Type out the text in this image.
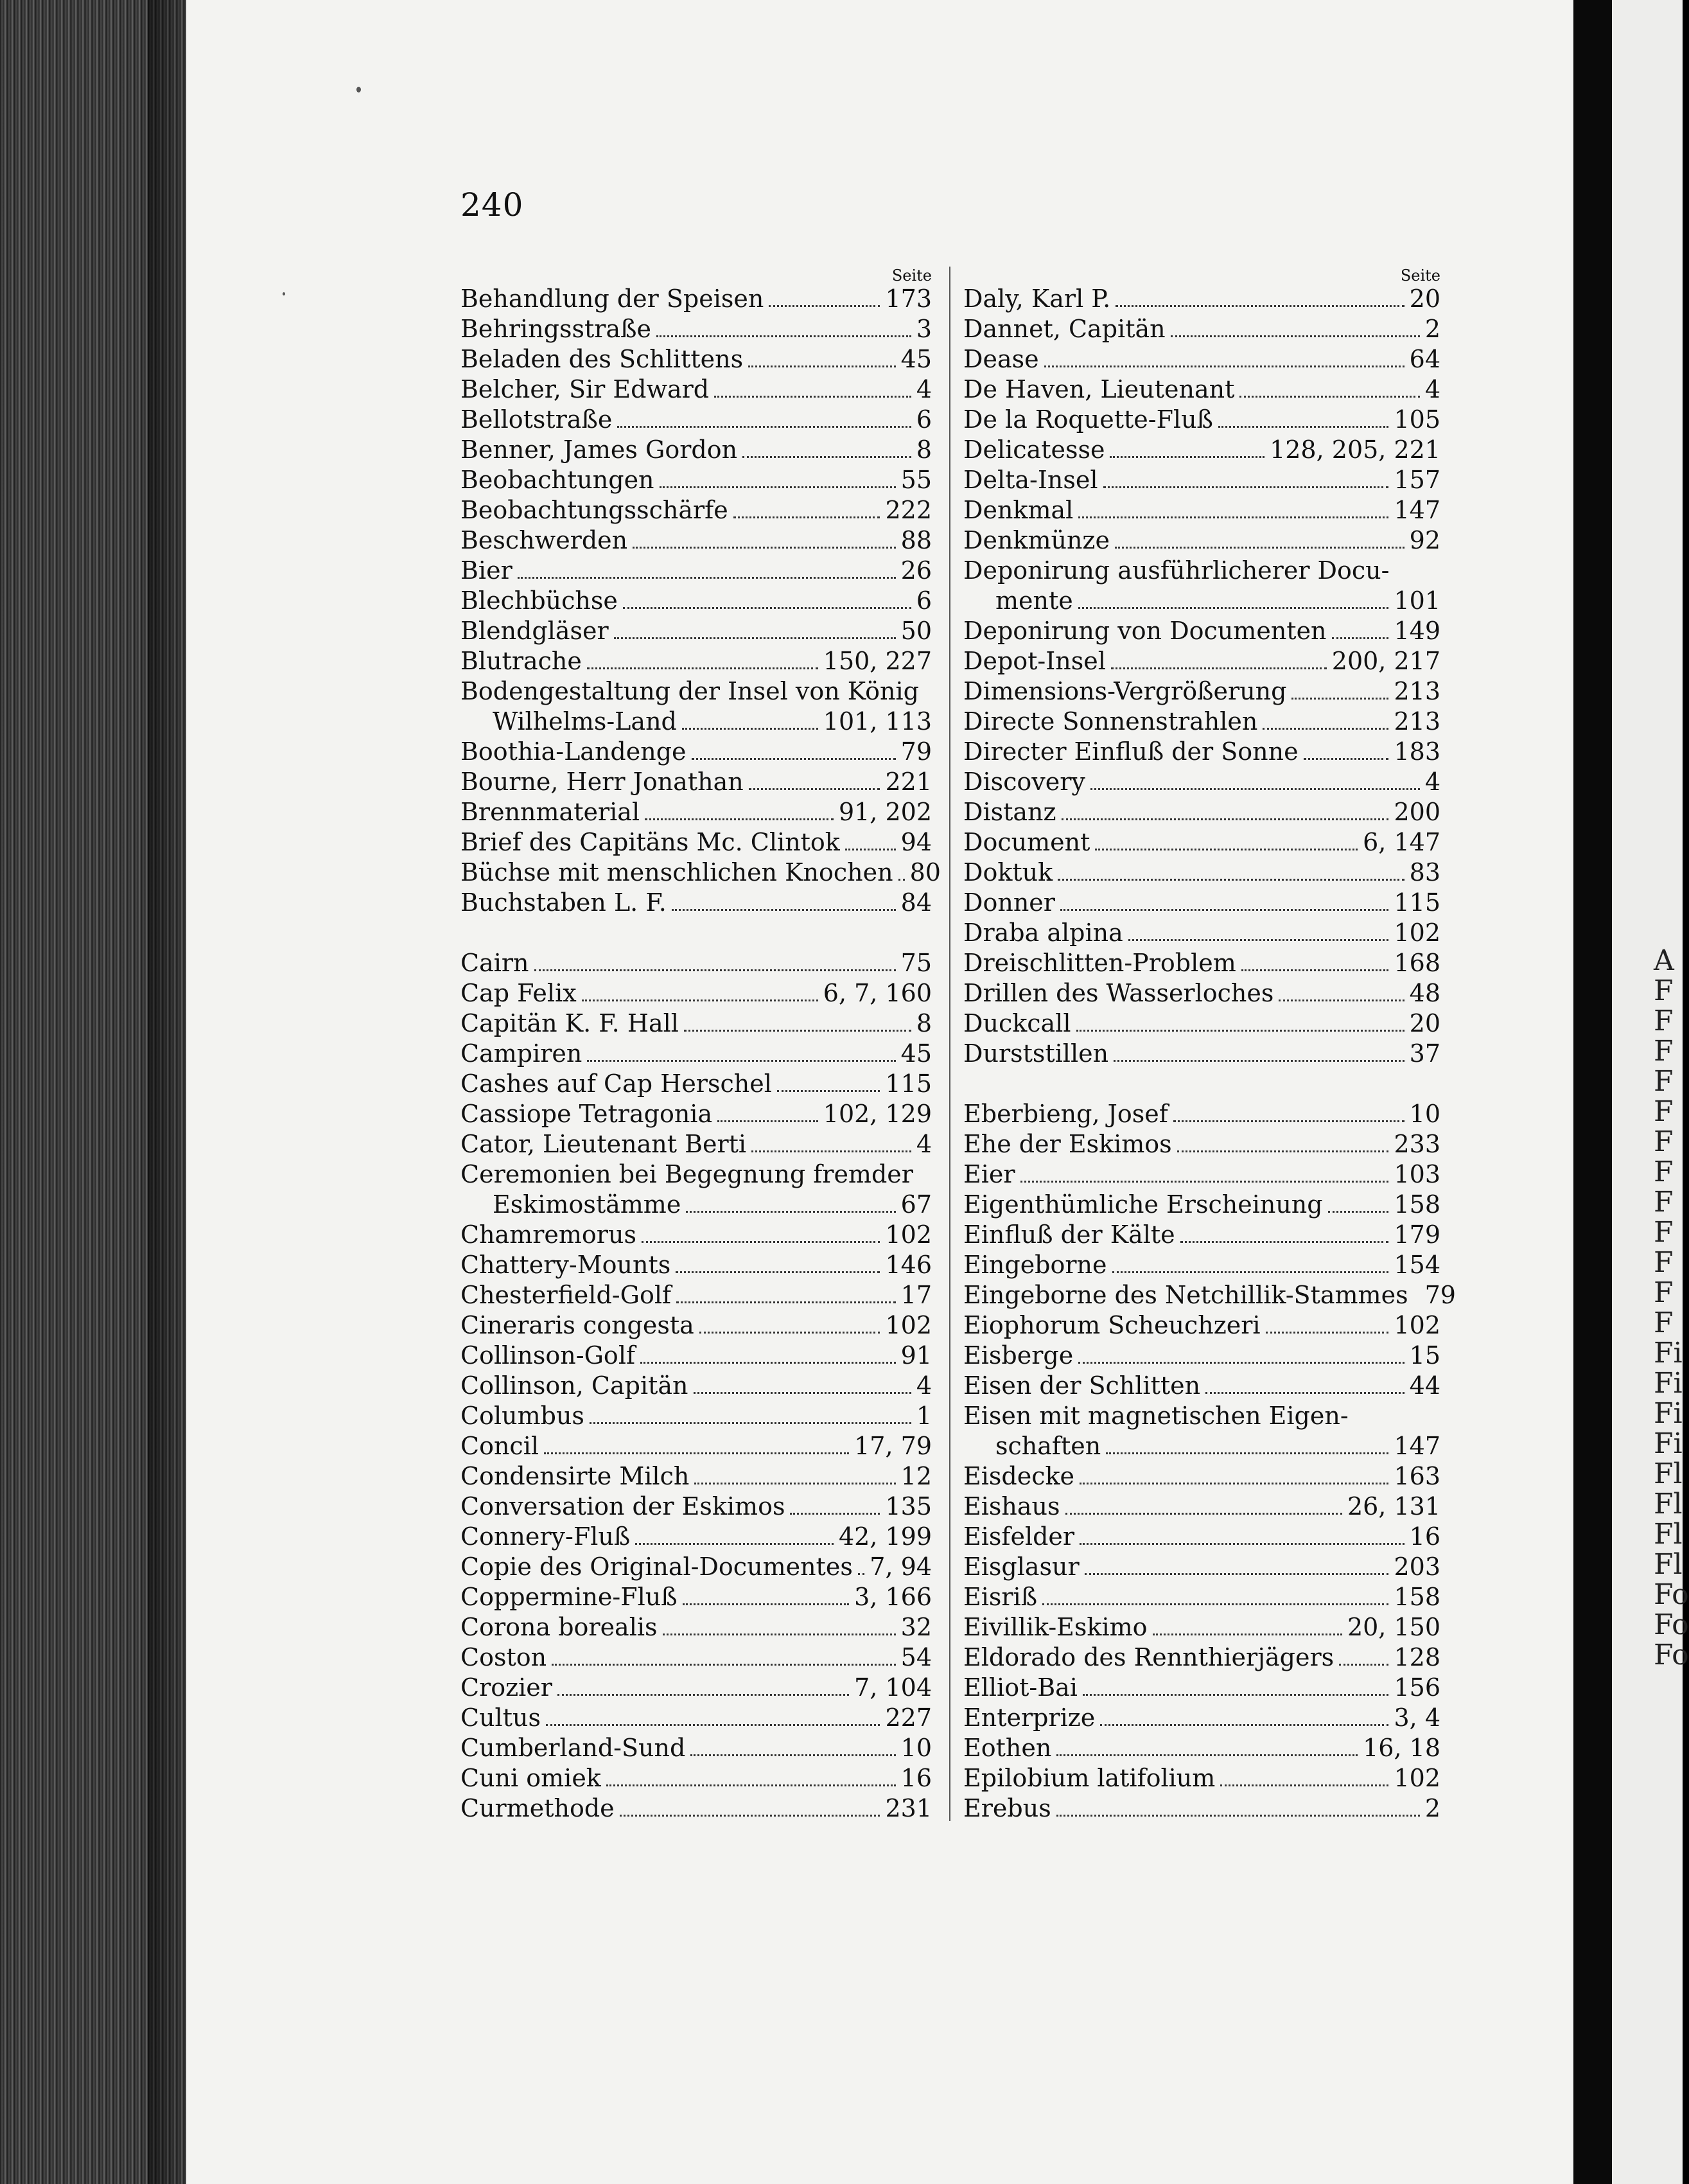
240
Seite	Seite
Behandlung der Speisen	173
Behringsstraße	3
Beladen des Schlittens	45
Belcher, Sir Edward	4
Bellotstraße	6
Benner, James Gordon	8
Beobachtungen	55
Beobachtungsschärfe	222
Beschwerden	88
Bier	26
Blechbüchse	6
Blendgläser	50
Blutrache	150, 227
Bodengestaltung der Insel von König
Wilhelms-Land	101, 113
Boothia-Landenge	79
Bourne, Herr Jonathan	221
Brennmaterial	91, 202
Brief des Capitäns Mc. Clintok 94
Büchse mit menschlichen Knochen 80
Buchstaben L. F.	84
Cairn	75
Cap Felix	6, 7, 160
Capitän K. F. Hall	8
Campiren	45
Cashes auf Cap Herschel	115
Cassiope Tetragonia	102, 129
Cator, Lieutenant Berti	4
Ceremonien bei Begegnung fremder
Eskimostämme	67
Chamremorus	102
Chattery-Mounts	146
Chesterfield-Golf	17
Cineraris congesta	102
Collinson-Golf	91
Collinson, Capitän	4
Columbus	1
Concil	17, 79
Condensirte Milch	12
Conversation der Eskimos	135
Connery-Fluß	42, 199
Copie des Original-Documentes 7, 94
Coppermine-Fluß	3, 166
Corona borealis	32
Coston	54
Crozier	7, 104
Cultus	227
Cumberland-Sund	10
Cuni omiek	16
Curmethode	231
Daly, Karl P.	20
Dannet, Capitän	2
Dease	64
De Haven, Lieutenant	4
De la Roquette-Fluß	105
Delicatesse	128, 205, 221
Delta-Insel	157
Denkmal	147
Denkmünze	92
Deponirung ausführlicherer Docu-
mente	101
Deponirung von Documenten	149
Depot-Insel	200, 217
Dimensions-Vergrößerung	213
Directe Sonnenstrahlen	213
Directer Einfluß der Sonne	183
Discovery	4
Distanz	200
Document	6, 147
Doktuk	83
Donner	115
Draba alpina	102
Dreischlitten-Problem	168
Drillen des Wasserloches	48
Duckcall	20
Durststillen	37
Eberbieng, Josef	10
Ehe der Eskimos	233
Eier	103
Eigenthümliche Erscheinung	158
Einfluß der Kälte	179
Eingeborne	154
Eingeborne des Netchillik-Stammes 79
Eiophorum Scheuchzeri	102
Eisberge	15
Eisen der Schlitten	44
Eisen mit magnetischen Eigen-
schaften	147
Eisdecke	163
Eishaus	26, 131
Eisfelder	16
Eisglasur	203
Eisriß	158
Eivillik-Eskimo	20, 150
Eldorado des Rennthierjägers 128
Elliot-Bai	156
Enterprize	3, 4
Eothen	16, 18
Epilobium latifolium	102
Erebus	2
A
F
F
F
F
F
F
F
F
F
F
F
F
Fi
Fi
Fi
Fi
Fl
Fl
Fl
Fl
Fo
Fo
Fo
